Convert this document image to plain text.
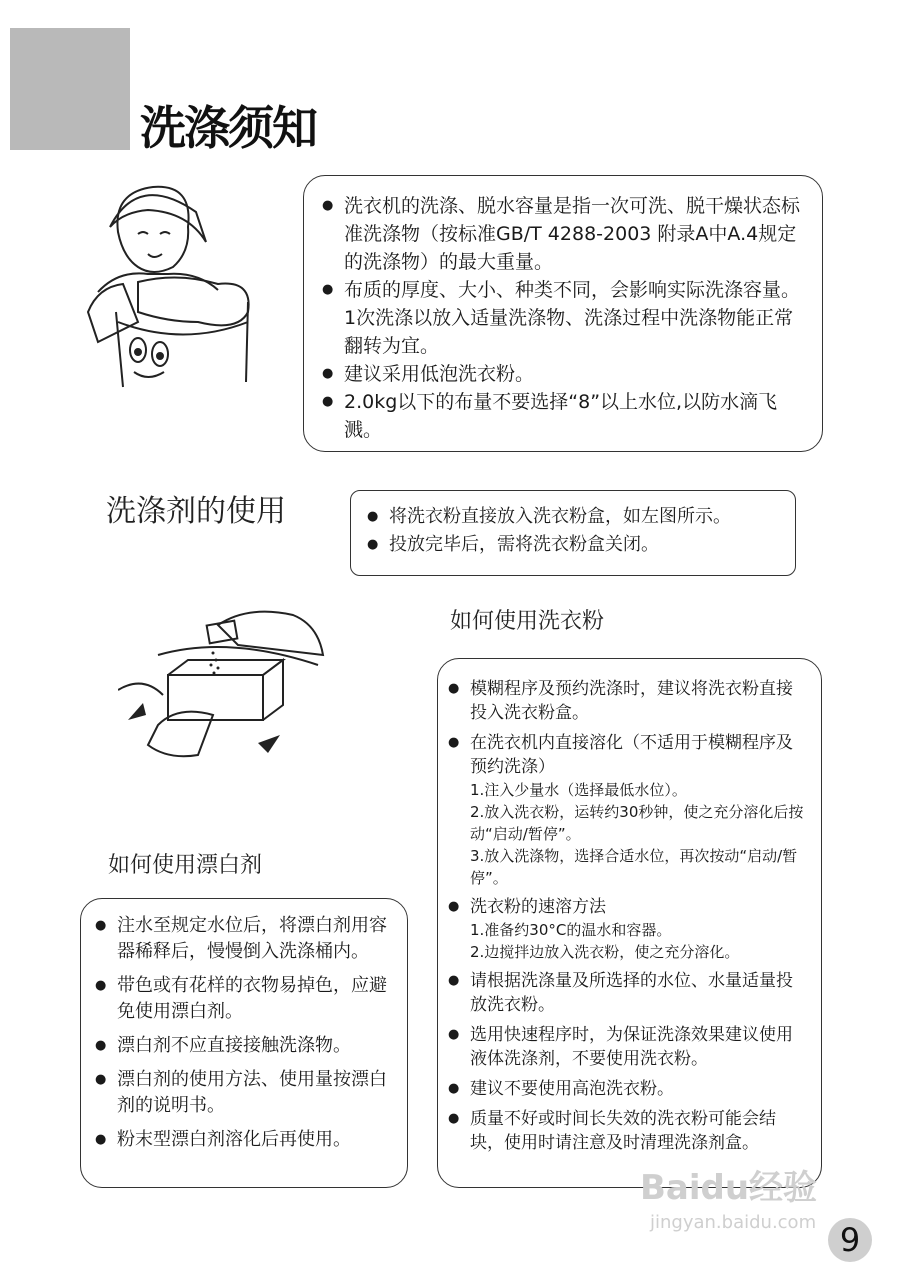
洗涤须知
● 洗衣机的洗涤、脱水容量是指一次可洗、脱干燥状态标准洗涤物（按标准GB/T 4288-2003 附录A中A.4规定的洗涤物）的最大重量。
● 布质的厚度、大小、种类不同，会影响实际洗涤容量。1次洗涤以放入适量洗涤物、洗涤过程中洗涤物能正常翻转为宜。
● 建议采用低泡洗衣粉。
● 2.0kg以下的布量不要选择“8”以上水位,以防水滴飞溅。
洗涤剂的使用
●	将洗衣粉直接放入洗衣粉盒，如左图所示。
● 投放完毕后，需将洗衣粉盒关闭。
如何使用洗衣粉
● 模糊程序及预约洗涤时，建议将洗衣粉直接投入洗衣粉盒。
● 在洗衣机内直接溶化（不适用于模糊程序及预约洗涤）
1.注入少量水（选择最低水位）。
2.放入洗衣粉，运转约30秒钟，使之充分溶化后按动“启动/暂停”。
3.放入洗涤物，选择合适水位，再次按动“启动/暂停”。
● 洗衣粉的速溶方法
1.准备约30°C的温水和容器。
2.边搅拌边放入洗衣粉，使之充分溶化。
● 请根据洗涤量及所选择的水位、水量适量投放洗衣粉。
● 选用快速程序时，为保证洗涤效果建议使用液体洗涤剂，不要使用洗衣粉。
● 建议不要使用高泡洗衣粉。
● 质量不好或时间长失效的洗衣粉可能会结块，使用时请注意及时清理洗涤剂盒。
如何使用漂白剂
● 注水至规定水位后，将漂白剂用容器稀释后，慢慢倒入洗涤桶内。
● 带色或有花样的衣物易掉色，应避免使用漂白剂。
● 漂白剂不应直接接触洗涤物。
● 漂白剂的使用方法、使用量按漂白剂的说明书。
● 粉末型漂白剂溶化后再使用。
Baidu经验
jingyan.baidu.com 9
